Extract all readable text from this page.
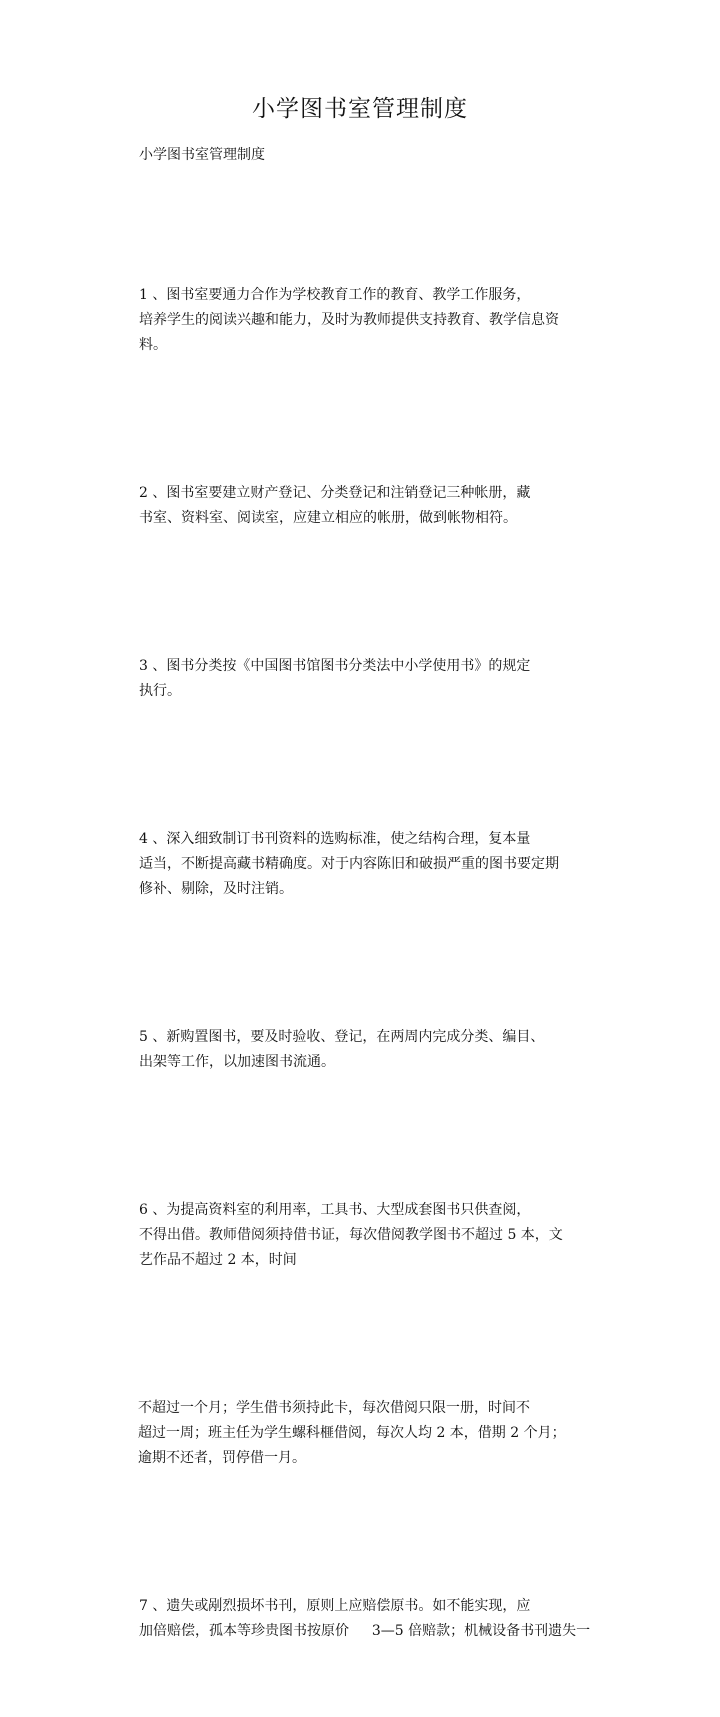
小学图书室管理制度
小学图书室管理制度

1 、图书室要通力合作为学校教育工作的教育、教学工作服务，
培养学生的阅读兴趣和能力，及时为教师提供支持教育、教学信息资
料。

2 、图书室要建立财产登记、分类登记和注销登记三种帐册，藏
书室、资料室、阅读室，应建立相应的帐册，做到帐物相符。

3 、图书分类按《中国图书馆图书分类法中小学使用书》的规定
执行。

4 、深入细致制订书刊资料的选购标准，使之结构合理，复本量
适当，不断提高藏书精确度。对于内容陈旧和破损严重的图书要定期
修补、剔除，及时注销。

5 、新购置图书，要及时验收、登记，在两周内完成分类、编目、
出架等工作，以加速图书流通。

6 、为提高资料室的利用率，工具书、大型成套图书只供查阅，
不得出借。教师借阅须持借书证，每次借阅教学图书不超过 5 本，文
艺作品不超过 2 本，时间

不超过一个月；学生借书须持此卡，每次借阅只限一册，时间不
超过一周；班主任为学生螺科榧借阅，每次人均 2 本，借期 2 个月；
逾期不还者，罚停借一月。

7 、遗失或剐烈损坏书刊，原则上应赔偿原书。如不能实现，应
加倍赔偿，孤本等珍贵图书按原价　  3—5 倍赔款；机械设备书刊遗失一
